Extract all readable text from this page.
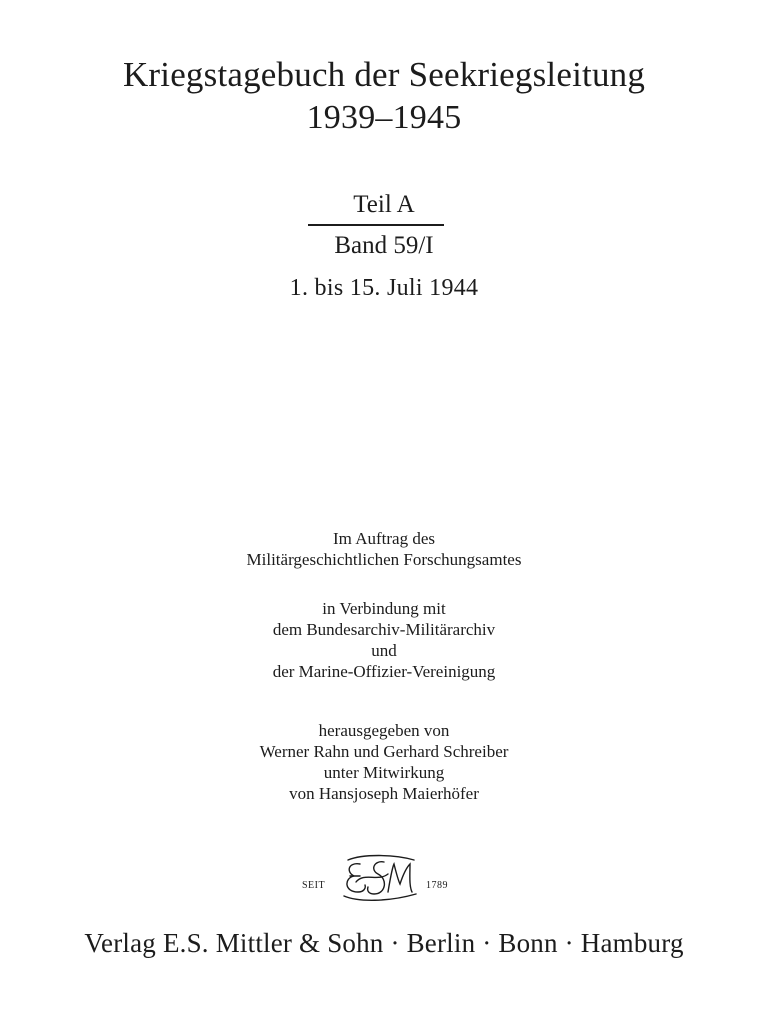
Kriegstagebuch der Seekriegsleitung
1939–1945
Teil A
Band 59/I
1. bis 15. Juli 1944
Im Auftrag des
Militärgeschichtlichen Forschungsamtes
in Verbindung mit
dem Bundesarchiv-Militärarchiv
und
der Marine-Offizier-Vereinigung
herausgegeben von
Werner Rahn und Gerhard Schreiber
unter Mitwirkung
von Hansjoseph Maierhöfer
SEIT	1789
Verlag E.S. Mittler & Sohn · Berlin · Bonn · Hamburg
